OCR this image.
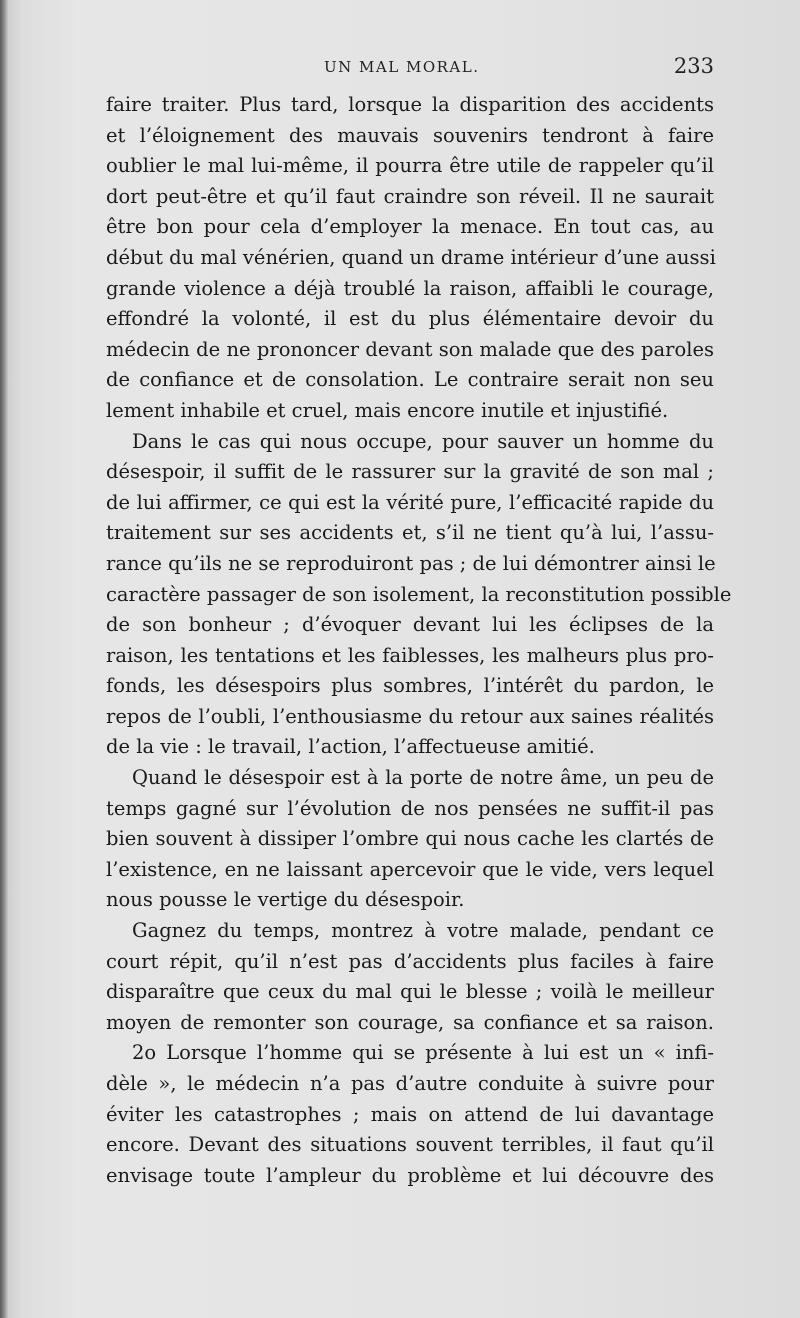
UN MAL MORAL.	233
faire traiter. Plus tard, lorsque la disparition des accidents
et l’éloignement des mauvais souvenirs tendront à faire
oublier le mal lui-même, il pourra être utile de rappeler qu’il
dort peut-être et qu’il faut craindre son réveil. Il ne saurait
être bon pour cela d’employer la menace. En tout cas, au
début du mal vénérien, quand un drame intérieur d’une aussi
grande violence a déjà troublé la raison, affaibli le courage,
effondré la volonté, il est du plus élémentaire devoir du
médecin de ne prononcer devant son malade que des paroles
de confiance et de consolation. Le contraire serait non seu
lement inhabile et cruel, mais encore inutile et injustifié.
Dans le cas qui nous occupe, pour sauver un homme du
désespoir, il suffit de le rassurer sur la gravité de son mal ;
de lui affirmer, ce qui est la vérité pure, l’efficacité rapide du
traitement sur ses accidents et, s’il ne tient qu’à lui, l’assu-
rance qu’ils ne se reproduiront pas ; de lui démontrer ainsi le
caractère passager de son isolement, la reconstitution possible
de son bonheur ; d’évoquer devant lui les éclipses de la
raison, les tentations et les faiblesses, les malheurs plus pro-
fonds, les désespoirs plus sombres, l’intérêt du pardon, le
repos de l’oubli, l’enthousiasme du retour aux saines réalités
de la vie : le travail, l’action, l’affectueuse amitié.
Quand le désespoir est à la porte de notre âme, un peu de
temps gagné sur l’évolution de nos pensées ne suffit-il pas
bien souvent à dissiper l’ombre qui nous cache les clartés de
l’existence, en ne laissant apercevoir que le vide, vers lequel
nous pousse le vertige du désespoir.
Gagnez du temps, montrez à votre malade, pendant ce
court répit, qu’il n’est pas d’accidents plus faciles à faire
disparaître que ceux du mal qui le blesse ; voilà le meilleur
moyen de remonter son courage, sa confiance et sa raison.
2o Lorsque l’homme qui se présente à lui est un « infi-
dèle », le médecin n’a pas d’autre conduite à suivre pour
éviter les catastrophes ; mais on attend de lui davantage
encore. Devant des situations souvent terribles, il faut qu’il
envisage toute l’ampleur du problème et lui découvre des
